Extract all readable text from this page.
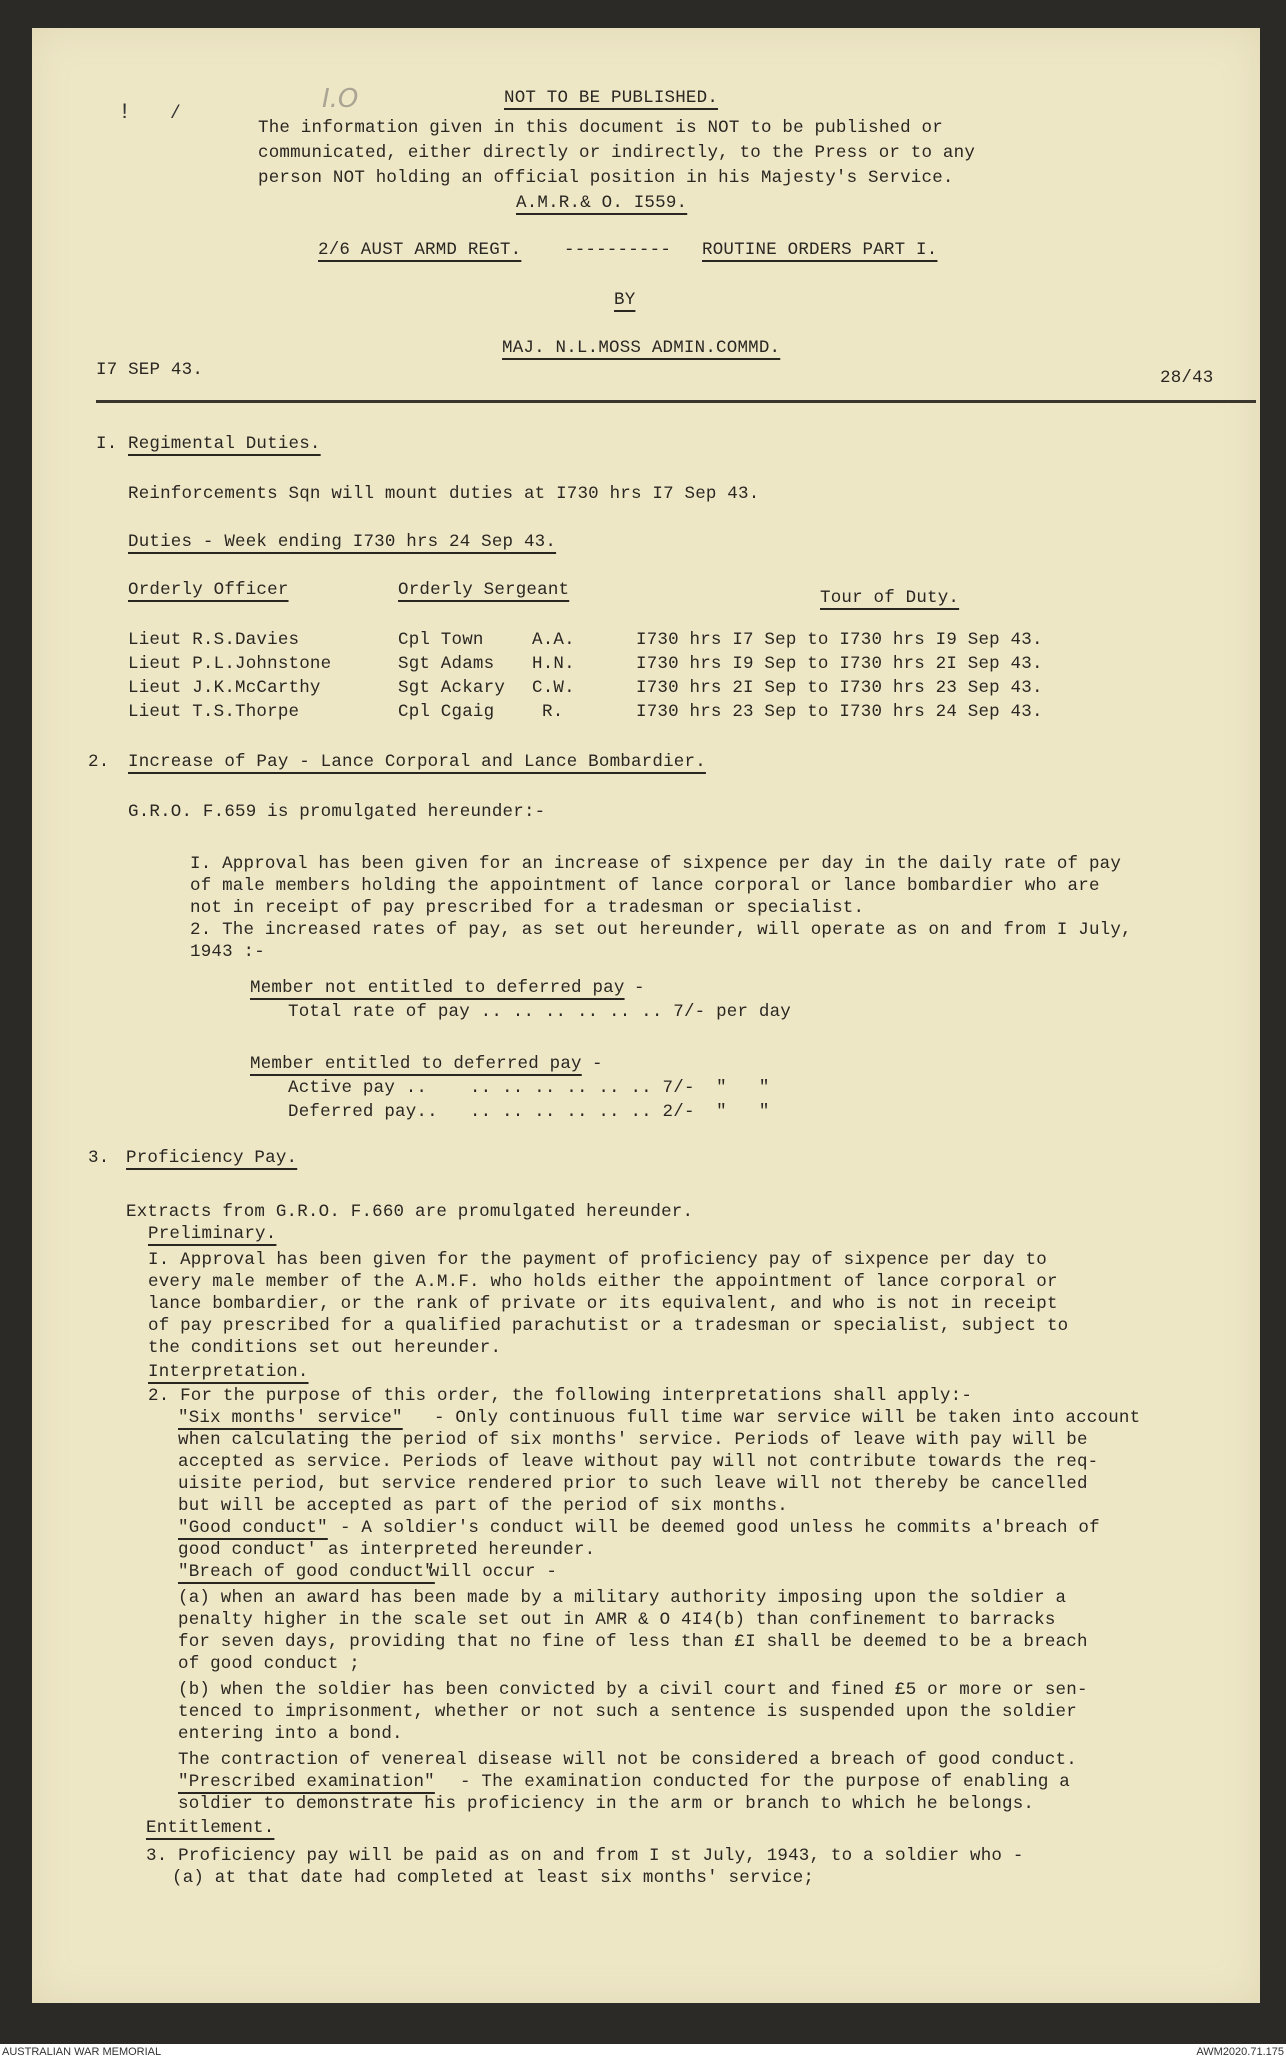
I.O
! /
NOT TO BE PUBLISHED.
The information given in this document is NOT to be published or
communicated, either directly or indirectly, to the Press or to any
person NOT holding an official position in his Majesty's Service.
A.M.R.& O. I559.
2/6 AUST ARMD REGT. ---------- ROUTINE ORDERS PART I.
BY
MAJ. N.L.MOSS ADMIN.COMMD.
I7 SEP 43.	28/43
I. Regimental Duties.
Reinforcements Sqn will mount duties at I730 hrs I7 Sep 43.
Duties - Week ending I730 hrs 24 Sep 43.
Orderly Officer	Orderly Sergeant	Tour of Duty.
Lieut R.S.Davies	Cpl Town	A.A.	I730 hrs I7 Sep to I730 hrs I9 Sep 43.
Lieut P.L.Johnstone	Sgt Adams H.N.	I730 hrs I9 Sep to I730 hrs 2I Sep 43.
Lieut J.K.McCarthy	Sgt Ackary C.W.	I730 hrs 2I Sep to I730 hrs 23 Sep 43.
Lieut T.S.Thorpe	Cpl Cgaig	R.	I730 hrs 23 Sep to I730 hrs 24 Sep 43.
2. Increase of Pay - Lance Corporal and Lance Bombardier.
G.R.O. F.659 is promulgated hereunder:-
I. Approval has been given for an increase of sixpence per day in the daily rate of pay
of male members holding the appointment of lance corporal or lance bombardier who are
not in receipt of pay prescribed for a tradesman or specialist.
2. The increased rates of pay, as set out hereunder, will operate as on and from I July,
1943 :-
Member not entitled to deferred pay -
Total rate of pay .. .. .. .. .. .. 7/- per day
Member entitled to deferred pay -
Active pay ..    .. .. .. .. .. .. 7/-  "   "
Deferred pay..   .. .. .. .. .. .. 2/-  "   "
3. Proficiency Pay.
Extracts from G.R.O. F.660 are promulgated hereunder.
Preliminary.
I. Approval has been given for the payment of proficiency pay of sixpence per day to
every male member of the A.M.F. who holds either the appointment of lance corporal or
lance bombardier, or the rank of private or its equivalent, and who is not in receipt
of pay prescribed for a qualified parachutist or a tradesman or specialist, subject to
the conditions set out hereunder.
Interpretation.
2. For the purpose of this order, the following interpretations shall apply:-
"Six months' service" - Only continuous full time war service will be taken into account
when calculating the period of six months' service. Periods of leave with pay will be
accepted as service. Periods of leave without pay will not contribute towards the req-
uisite period, but service rendered prior to such leave will not thereby be cancelled
but will be accepted as part of the period of six months.
"Good conduct" - A soldier's conduct will be deemed good unless he commits a'breach of
good conduct' as interpreted hereunder.
"Breach of good conduct"
will occur -
(a) when an award has been made by a military authority imposing upon the soldier a
penalty higher in the scale set out in AMR & O 4I4(b) than confinement to barracks
for seven days, providing that no fine of less than £I shall be deemed to be a breach
of good conduct ;
(b) when the soldier has been convicted by a civil court and fined £5 or more or sen-
tenced to imprisonment, whether or not such a sentence is suspended upon the soldier
entering into a bond.
The contraction of venereal disease will not be considered a breach of good conduct.
"Prescribed examination" - The examination conducted for the purpose of enabling a
soldier to demonstrate his proficiency in the arm or branch to which he belongs.
Entitlement.
3. Proficiency pay will be paid as on and from I st July, 1943, to a soldier who -
(a) at that date had completed at least six months' service;
AUSTRALIAN WAR MEMORIAL	AWM2020.71.175
